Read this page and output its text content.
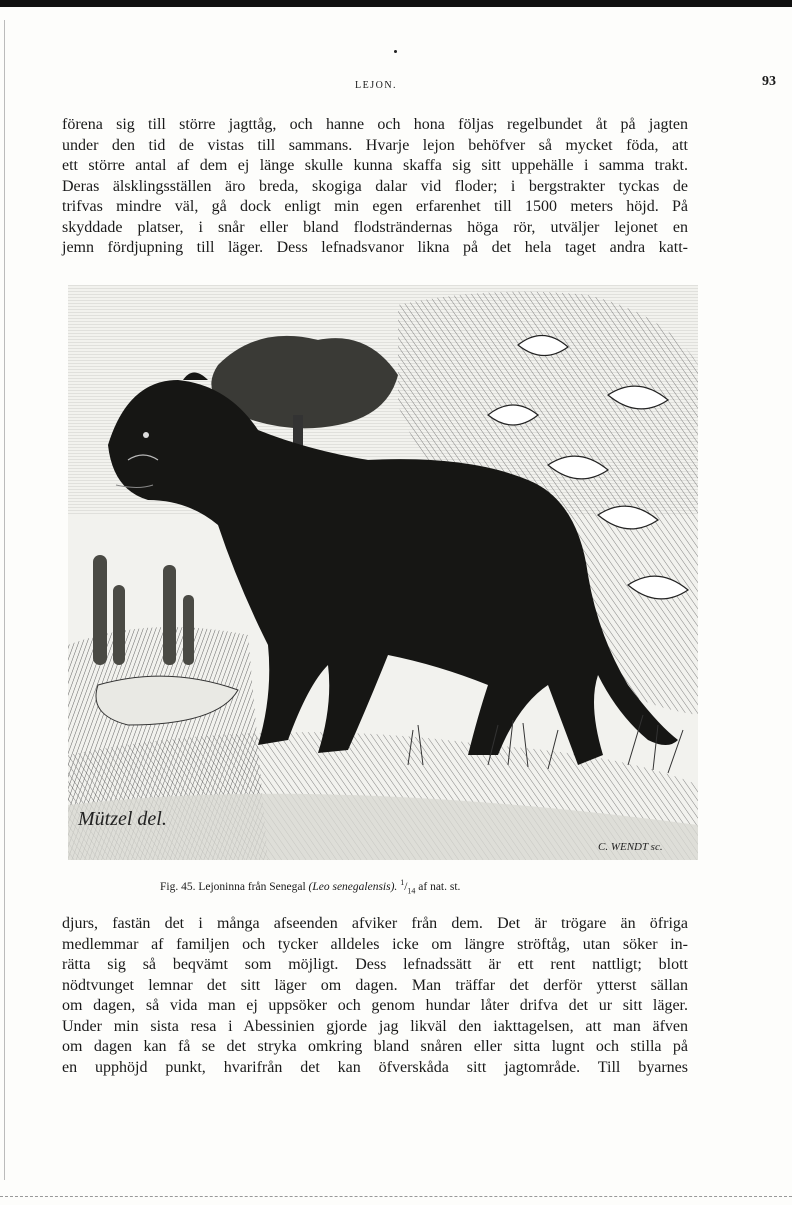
LEJON.	93
förena sig till större jagttåg, och hanne och hona följas regelbundet åt på jagten
under den tid de vistas till sammans. Hvarje lejon behöfver så mycket föda, att
ett större antal af dem ej länge skulle kunna skaffa sig sitt uppehälle i samma trakt.
Deras älsklingsställen äro breda, skogiga dalar vid floder; i bergstrakter tyckas de
trifvas mindre väl, gå dock enligt min egen erfarenhet till 1500 meters höjd. På
skyddade platser, i snår eller bland flodsträndernas höga rör, utväljer lejonet en
jemn fördjupning till läger. Dess lefnadsvanor likna på det hela taget andra katt-
Mützel del.
C. WENDT sc.
Fig. 45. Lejoninna från Senegal (Leo senegalensis). $^1/_{14}$ af nat. st.
djurs, fastän det i många afseenden afviker från dem. Det är trögare än öfriga
medlemmar af familjen och tycker alldeles icke om längre ströftåg, utan söker in-
rätta sig så beqvämt som möjligt. Dess lefnadssätt är ett rent nattligt; blott
nödtvunget lemnar det sitt läger om dagen. Man träffar det derför ytterst sällan
om dagen, så vida man ej uppsöker och genom hundar låter drifva det ur sitt läger.
Under min sista resa i Abessinien gjorde jag likväl den iakttagelsen, att man äfven
om dagen kan få se det stryka omkring bland snåren eller sitta lugnt och stilla på
en upphöjd punkt, hvarifrån det kan öfverskåda sitt jagtområde. Till byarnes
